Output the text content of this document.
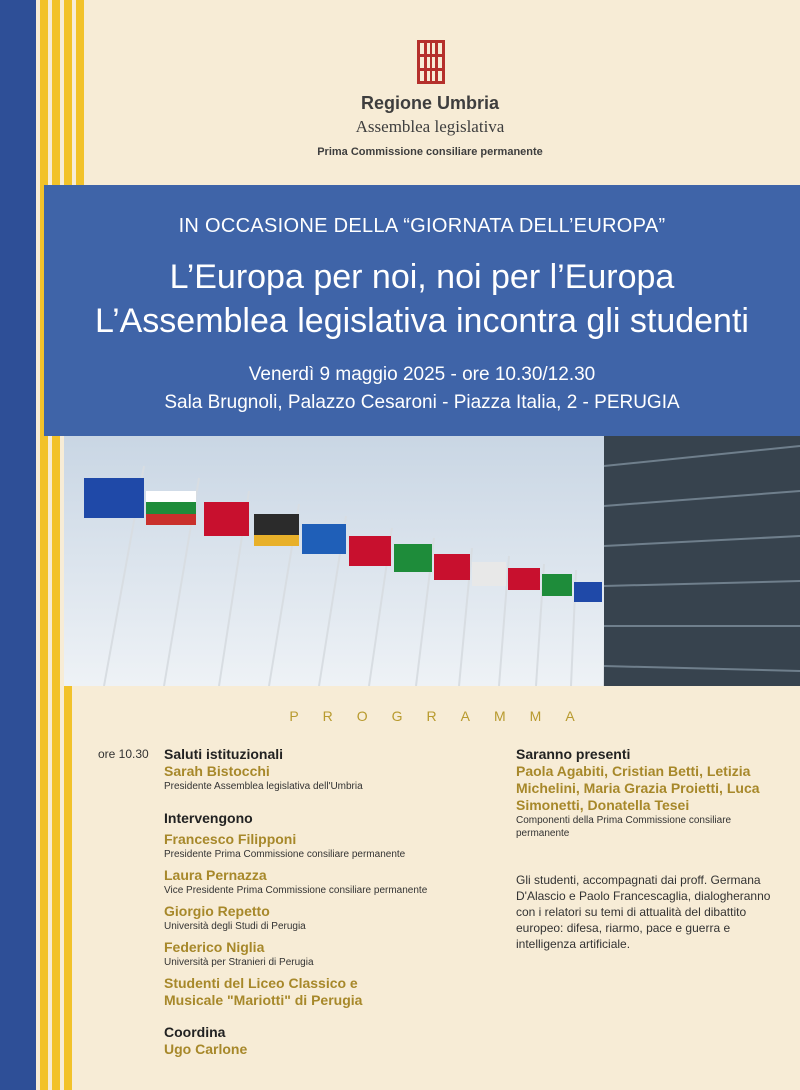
Regione Umbria
Assemblea legislativa
Prima Commissione consiliare permanente
IN OCCASIONE DELLA “GIORNATA DELL’EUROPA”
L’Europa per noi, noi per l’Europa
L’Assemblea legislativa incontra gli studenti
Venerdì 9 maggio 2025 - ore 10.30/12.30
Sala Brugnoli, Palazzo Cesaroni - Piazza Italia, 2 - PERUGIA
PROGRAMMA
ore 10.30 Saluti istituzionali

Sarah Bistocchi

Presidente Assemblea legislativa dell'Umbria

Intervengono

Francesco Filipponi

Presidente Prima Commissione consiliare permanente

Laura Pernazza

Vice Presidente Prima Commissione consiliare permanente

Giorgio Repetto

Università degli Studi di Perugia

Federico Niglia

Università per Stranieri di Perugia

Studenti del Liceo Classico e Musicale "Mariotti" di Perugia

Coordina

Ugo Carlone

Saranno presenti

Paola Agabiti, Cristian Betti, Letizia Michelini, Maria Grazia Proietti, Luca Simonetti, Donatella Tesei

Componenti della Prima Commissione consiliare permanente

Gli studenti, accompagnati dai proff. Germana D'Alascio e Paolo Francescaglia, dialogheranno con i relatori su temi di attualità del dibattito europeo: difesa, riarmo, pace e guerra e intelligenza artificiale.
